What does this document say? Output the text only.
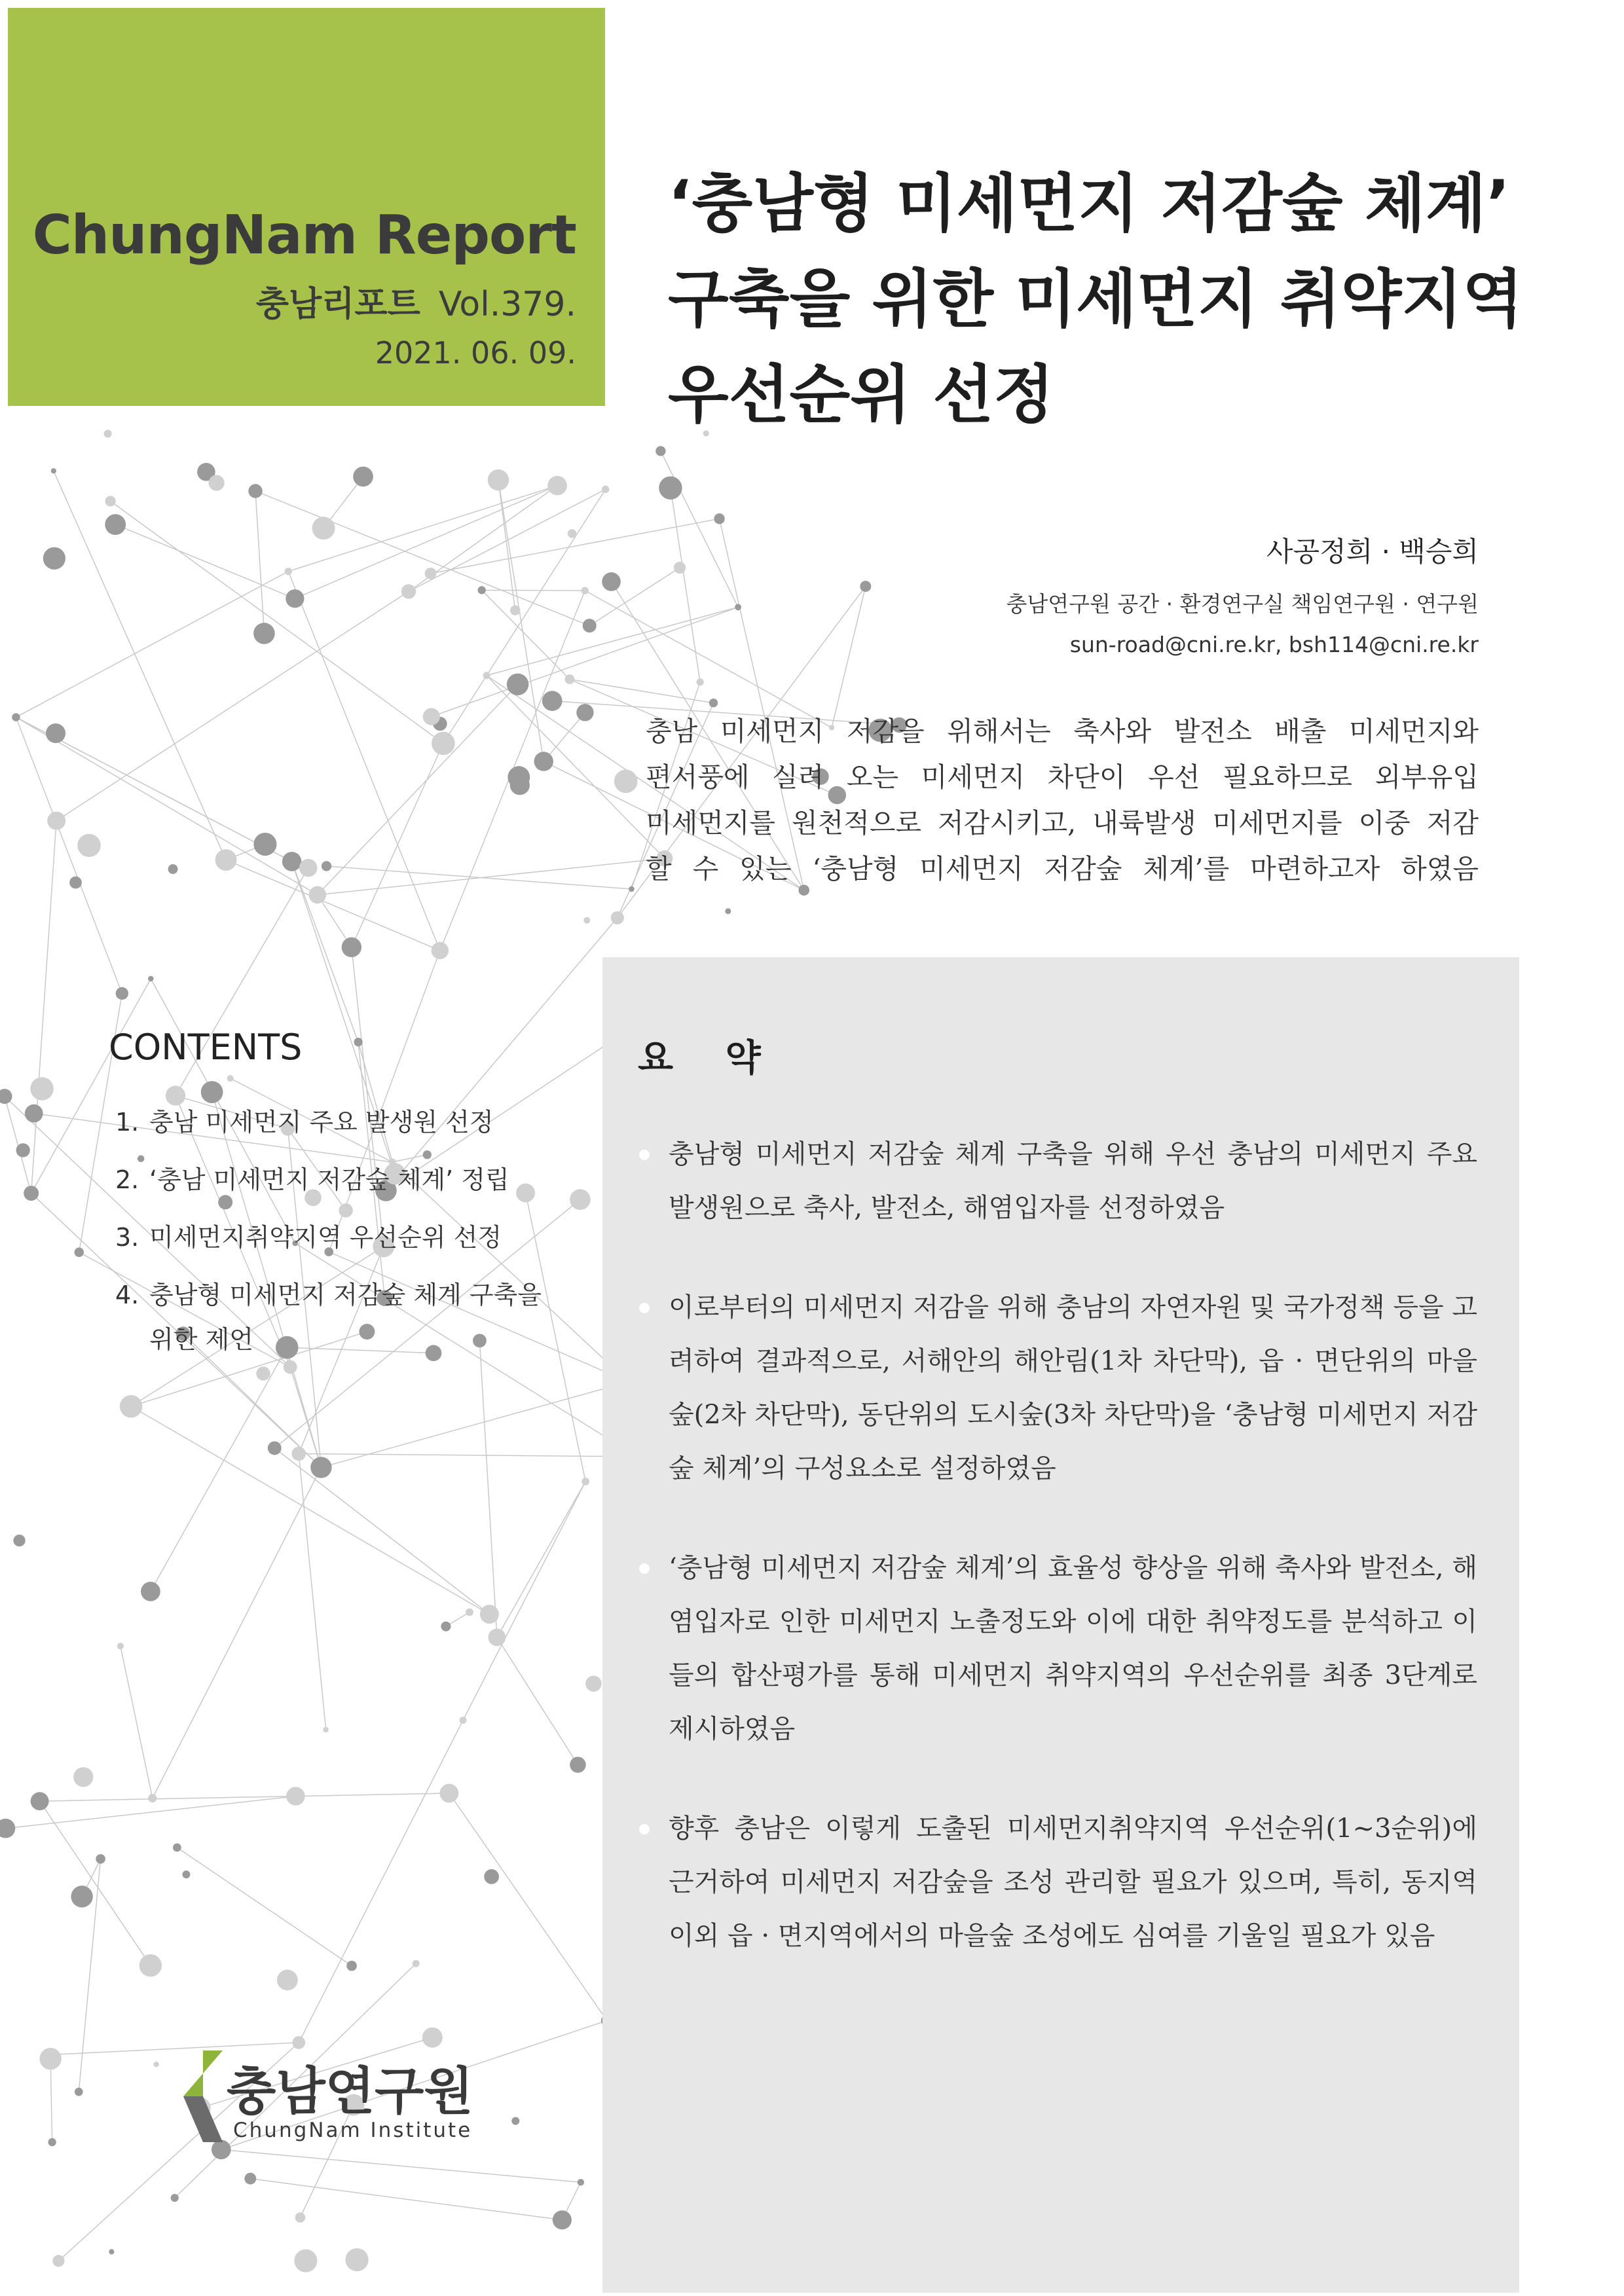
ChungNam Report
충남리포트 Vol.379.
2021. 06. 09.
‘충남형 미세먼지 저감숲 체계’
구축을 위한 미세먼지 취약지역
우선순위 선정
사공정희 · 백승희
충남연구원 공간 · 환경연구실 책임연구원 · 연구원
sun-road@cni.re.kr, bsh114@cni.re.kr
충남 미세먼지 저감을 위해서는 축사와 발전소 배출 미세먼지와
편서풍에 실려 오는 미세먼지 차단이 우선 필요하므로 외부유입
미세먼지를 원천적으로 저감시키고, 내륙발생 미세먼지를 이중 저감
할 수 있는 ‘충남형 미세먼지 저감숲 체계’를 마련하고자 하였음
CONTENTS
1. 충남 미세먼지 주요 발생원 선정
2. ‘충남 미세먼지 저감숲 체계’ 정립
3. 미세먼지취약지역 우선순위 선정
4. 충남형 미세먼지 저감숲 체계 구축을 위한 제언
요 약
충남형 미세먼지 저감숲 체계 구축을 위해 우선 충남의 미세먼지 주요 발생원으로 축사, 발전소, 해염입자를 선정하였음
이로부터의 미세먼지 저감을 위해 충남의 자연자원 및 국가정책 등을 고려하여 결과적으로, 서해안의 해안림(1차 차단막), 읍 · 면단위의 마을숲(2차 차단막), 동단위의 도시숲(3차 차단막)을 ‘충남형 미세먼지 저감숲 체계’의 구성요소로 설정하였음
‘충남형 미세먼지 저감숲 체계’의 효율성 향상을 위해 축사와 발전소, 해염입자로 인한 미세먼지 노출정도와 이에 대한 취약정도를 분석하고 이들의 합산평가를 통해 미세먼지 취약지역의 우선순위를 최종 3단계로 제시하였음
향후 충남은 이렇게 도출된 미세먼지취약지역 우선순위(1~3순위)에 근거하여 미세먼지 저감숲을 조성 관리할 필요가 있으며, 특히, 동지역 이외 읍 · 면지역에서의 마을숲 조성에도 심여를 기울일 필요가 있음
충남연구원
ChungNam Institute
